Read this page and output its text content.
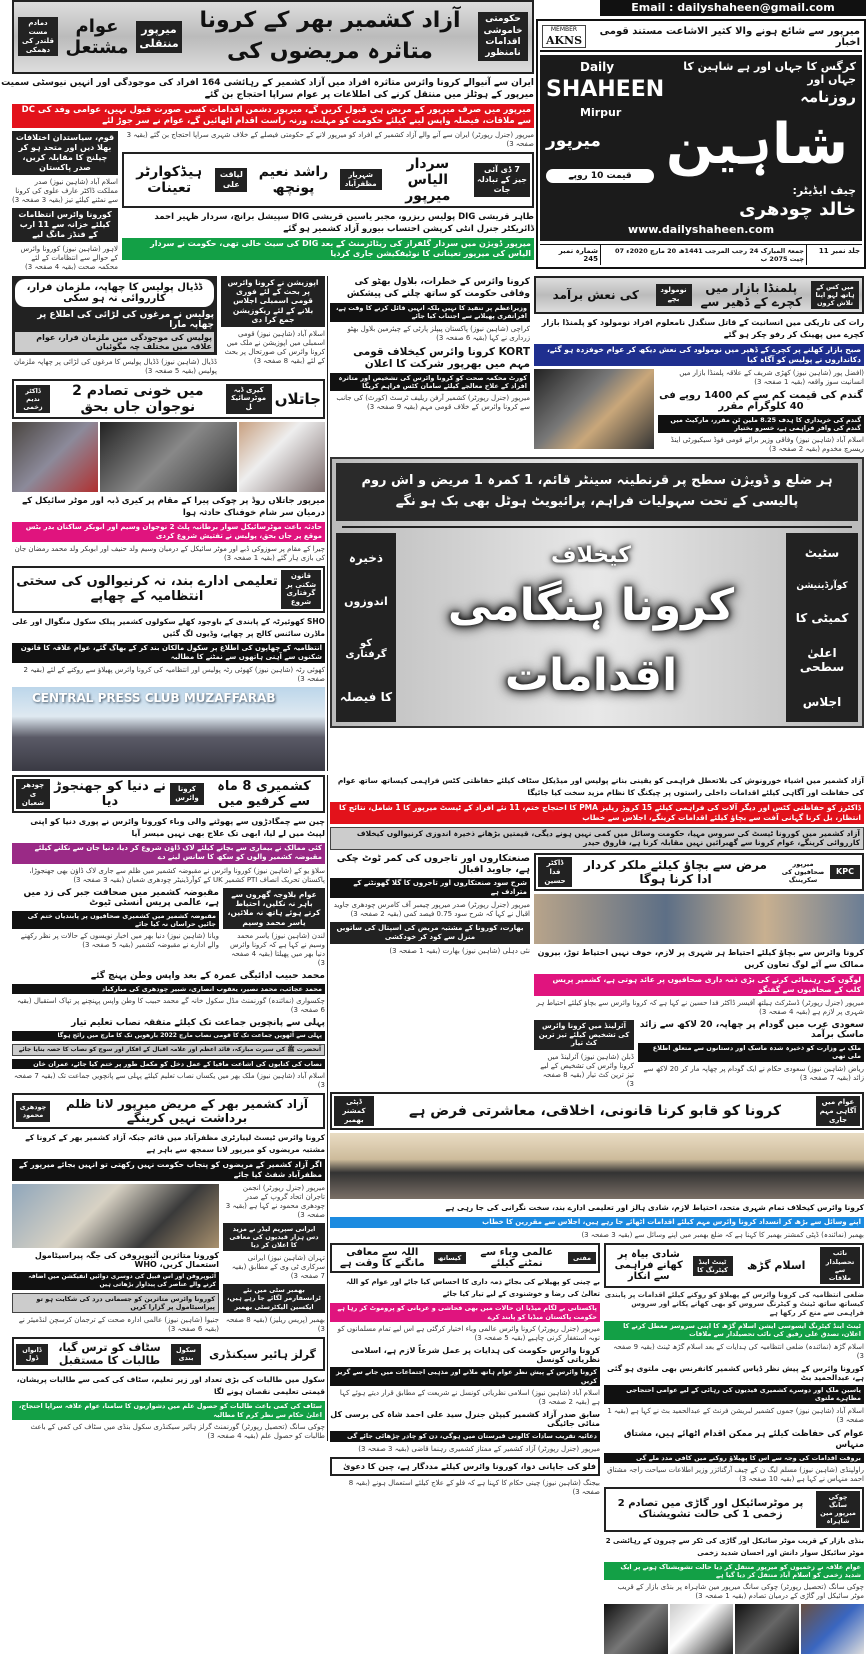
دمادم مست قلندر کی دھمکی
عوام مشتعل
میرپور منتقلی
آزاد کشمیر بھر کے کرونا متاثرہ مریضوں کی
حکومتی خاموشی اقدامات نامنظور
ایران سے آنیوالے کرونا وائرس متاثرہ افراد میں آزاد کشمیر کے رہائشی 164 افراد کی موجودگی اور انہیں نیوسٹی سمیت میرپور کے ہوٹلز میں منتقل کرنے کی اطلاعات پر عوام سراپا احتجاج بن گئے
میرپور میں صرف میرپور کے مریض ہی قبول کریں گے، میرپور دشمن اقدامات کسی صورت قبول نہیں، عوامی وفد کی DC سے ملاقات، فیصلہ واپس لینے کیلئے حکومت کو مہلت، ورنہ راست اقدام اٹھائیں گے، عوام نے سر جوڑ لئے
قوم، سیاستدان اختلافات بھلا دیں اور متحد ہو کر چیلنج کا مقابلہ کریں، صدر پاکستان
اسلام آباد (شاہین نیوز) صدر مملکت ڈاکٹر عارف علوی کی کرونا سے نمٹنے کیلئے تیز (بقیہ 3 صفحہ 3)
کورونا وائرس انتظامات کیلئے خزانہ سے 11 ارب کے فنڈز مانگ لیے
لاہور (شاہین نیوز) کورونا وائرس کے حوالے سے انتظامات کے لئے محکمہ صحت (بقیہ 4 صفحہ 3)
میرپور (جنرل رپورٹر) ایران سے آنے والے آزاد کشمیر کے افراد کو میرپور لانے کے حکومتی فیصلے کے خلاف شہری سراپا احتجاج بن گئے (بقیہ 3 صفحہ 3)
7 ڈی آئی جیز کے تبادلہ جات
سردار الیاس میرپور
شہریار مظفرآباد
راشد نعیم پونچھ
لیاقت علی
ہیڈکوارٹر تعینات
طاہر قریشی DIG پولیس ریزرو، مجبر یاسین قریشی DIG سپیشل برانچ، سردار ظہیر احمد ڈائریکٹر جنرل انٹی کرپشن احتساب بیورو آزاد کشمیر ہو گئے
میرپور ڈویژن میں سردار گلفراز کی ریٹائرمنٹ کے بعد DIG کی سیٹ خالی تھی، حکومت نے سردار الیاس کی میرپور تعیناتی کا نوٹیفکیشن جاری کردیا
Email : dailyshaheen@gmail.com
MEMBER
AKNS
میرپور سے شائع ہونے والا کثیر الاشاعت مستند قومی اخبار
Daily
SHAHEEN
Mirpur
میرپور
قیمت 10 روپے
کرگس کا جہاں اور ہے شاہین کا جہاں اور
روزنامہ
شاہین
چیف ایڈیٹر:
خالد چودھری
www.dailyshaheen.com
جلد نمبر 11
جمعۃ المبارک 24 رجب المرجب 1441ھ 20 مارچ 2020ء 07 چیت 2075 ب
شمارہ نمبر 245
ڈڈیال پولیس کا چھاپہ، ملزمان فرار، کارروائی نہ ہو سکی
پولیس نے مرغوں کی لڑائی کی اطلاع پر چھاپہ مارا
پولیس کی موجودگی میں ملزمان فرار، عوام علاقہ میں مختلف چہ مگوئیاں
ڈڈیال (شاہین نیوز) ڈڈیال پولیس کا مرغوں کی لڑائی پر چھاپہ ملزمان پولیس (بقیہ 5 صفحہ 3)
اپوزیشن نے کرونا وائرس پر بحث کے لئے فوری قومی اسمبلی اجلاس بلانے کے لئے ریکوزیشن جمع کرا دی
اسلام آباد (شاہین نیوز) قومی اسمبلی میں اپوزیشن نے ملک میں کرونا وائرس کی صورتحال پر بحث کے لئے (بقیہ 8 صفحہ 3)
جاتلاں
کیری ڈبہ موٹرسائیکل
میں خونی تصادم 2 نوجوان جاں بحق
ڈاکٹر ندیم زخمی
میرپور جاتلاں روڈ پر چوکی پیرا کے مقام پر کیری ڈبہ اور موٹر سائیکل کے درمیان سر شام خوفناک حادثہ ہوا
حادثہ باعث موٹرسائیکل سوار برطانیہ پلٹ 2 نوجوان وسیم اور ابوبکر ساکنان بدر بٹس موقع پر جاں بحق، پولیس نے تفتیش شروع کردی
چیرا کے مقام پر سوزوکی ڈبے اور موٹر سائیکل کے درمیان وسیم ولد حنیف اور ابوبکر ولد محمد رمضان جان کی بازی ہار گئے (بقیہ 1 صفحہ 3)
قانون شکنی پر گرفتاری شروع
تعلیمی ادارے بند، نہ کرنیوالوں کی سختی انتظامیہ کے چھاپے
SHO کھوئیرٹہ کے پابندی کے باوجود کھلے سکولوں کشمیر پبلک سکول منگوال اور علی ماڈرن سائنس کالج پر چھاپے، وڈیوں لگ گئیں
انتظامیہ کے چھاپوں کی اطلاع پر سکول مالکان بند کر کے بھاگ گئے، عوام علاقہ کا قانون شکنوں سے آہنی ہاتھوں سے نمٹنے کا مطالبہ
کھوئی رٹہ (شاہین نیوز) کھوئی رٹہ پولیس اور انتظامیہ کی کرونا وائرس پھیلاؤ سے روکنے کے لئے (بقیہ 2 صفحہ 3)
CENTRAL PRESS CLUB MUZAFFARAB
کرونا وائرس کے خطرات، بلاول بھٹو کی وفاقی حکومت کو ساتھ چلنے کی پیشکش
وزیراعظم پر تنقید کا نہیں بلکہ انہیں قائل کرنے کا وقت ہے، افراتفری پھیلانے سے اجتناب کیا جائے
کراچی (شاہین نیوز) پاکستان پیپلز پارٹی کے چیئرمین بلاول بھٹو زرداری نے کہا (بقیہ 6 صفحہ 3)
KORT کرونا وائرس کیخلاف قومی مہم میں بھرپور شرکت کا اعلان
کورٹ محکمہ صحت کو کرونا وائرس کی تشخیص اور متاثرہ افراد کے علاج معالجے کیلئے سامان کٹس فراہم کریگا
میرپور (جنرل رپورٹر) کشمیر آرفن ریلیف ٹرسٹ (کورٹ) کی جانب سے کرونا وائرس کے خلاف قومی مہم (بقیہ 9 صفحہ 3)
میں کس کے ہاتھ لہو اپنا تلاش کروں
پلمنڈا بازار میں کچرے کے ڈھیر سے
نومولود بچے
کی نعش برآمد
رات کی تاریکی میں انسانیت کے قاتل سنگدل نامعلوم افراد نومولود کو پلمنڈا بازار کچرے میں پھینک کر رفو چکر ہو گئے
صبح بازار کھلنے پر کچرے کے ڈھیر میں نومولود کی نعش دیکھ کر عوام خوفزدہ ہو گئے، دکانداروں نے پولیس کو آگاہ کیا
(افضل پور (شاہین نیوز) کھڑی شریف کے علاقہ پلمنڈا بازار میں انسانیت سوز واقعہ (بقیہ 1 صفحہ 3)
گندم کی قیمت کم سے کم 1400 روپے فی 40 کلوگرام مقرر
گندم کی خریداری کا ہدف 8.25 ملین ٹن مقرر، مارکیٹ میں گندم کی وافر فراہمی ہے، خسرو بختیار
اسلام آباد (شاہین نیوز) وفاقی وزیر برائے قومی فوڈ سیکیورٹی اینڈ ریسرچ مخدوم (بقیہ 2 صفحہ 3)
ہر ضلع و ڈویژن سطح پر قرنطینہ سینٹر قائم، 1 کمرہ 1 مریض و اش روم پالیسی کے تحت سہولیات فراہم، پرائیویٹ ہوٹل بھی بک ہو نگے
ذخیرہ
اندوزوں
کو گرفتاری
کا فیصلہ
کیخلاف
کرونا ہنگامی اقدامات
سٹیٹ
کوآرڈینیشن
کمیٹی کا
اعلیٰ سطحی
اجلاس
کشمیری 8 ماہ سے کرفیو میں
کرونا وائرس
نے دنیا کو جھنجوڑ دیا
چودھری شعبان
چین سے چمگادڑوں سے پھوٹنے والی وباء کورونا وائرس نے پوری دنیا کو اپنی لپیٹ میں لے لیا، ابھی تک علاج بھی نہیں میسر آیا
کئی ممالک نے بیماری سے بچانے کیلئے لاک ڈاؤن شروع کر دیا، دنیا جان سے نکلنے کیلئے مقبوضہ کشمیر والوں کو سکھ کا سانس لینے دے
سلاؤ یو کے (شاہین نیوز) کورونا وائرس نے مقبوضہ کشمیر میں ظلم سے جاری لاک ڈاؤن بھی جھنجوڑا، پاکستان تحریک انصاف PTI کشمیر UK کے کوآرڈینیٹر چودھری شعبان (بقیہ 3 صفحہ 3)
مقبوضہ کشمیر میں صحافت جبر کی زد میں ہے، عالمی پریس انسٹی ٹیوٹ
مقبوضہ کشمیر میں کشمیری صحافیوں پر پابندیاں ختم کی جائیں حراساں نہ کیا جائے
ویانا (شاہین نیوز) دنیا بھر میں اخبار نویسوں کے حالات پر نظر رکھنے والے ادارے نے مقبوضہ کشمیر (بقیہ 5 صفحہ 3)
عوام بلاوجہ گھروں سے باہر نہ نکلیں، احتیاط کرتے ہوئے ہاتھ نہ ملائیں، یاسر محمد وسیم
لندن (شاہین نیوز) یاسر محمد وسیم نے کہا ہے کہ کرونا وائرس دنیا بھر میں پھیلتا (بقیہ 4 صفحہ 3)
محمد حبیب ادائیگی عمرہ کے بعد واپس وطن پہنچ گئے
محمد عجائب، محمد نصیر، یعقوب انصاری، شبیر چودھری کی مبارکباد
چکسواری (نمائندہ) گورنمنٹ مڈل سکول خانہ گے محمد حبیب کا وطن واپس پہنچنے پر تپاک استقبال (بقیہ 6 صفحہ 3)
پہلی سے پانچویں جماعت تک کیلئے متفقہ نصاب تعلیم تیار
پہلی سے آٹھویں جماعت تک کا قومی نصاب مارچ 2022 بارھویں تک کا مارچ میں رائج ہوگا
آنحضرت ﷺ کی سیرت مبارکہ، قائد اعظم اور علامہ اقبال کے افکار اور سوچ کو نصاب کا حصہ بنایا جائے
نصاب کی کتابوں کی اشاعت مافیا کے عمل دخل کو مکمل طور پر ختم کیا جائے، عمران خان
اسلام آباد (شاہین نیوز) ملک بھر میں یکساں نصاب تعلیم کیلئے پہلی سے پانچویں جماعت تک (بقیہ 7 صفحہ 3)
آزاد کشمیر بھر کے مریض میرپور لانا ظلم برداشت نہیں کرینگے
چودھری محمود
کرونا وائرس ٹیسٹ لیبارٹری مظفرآباد میں قائم جبکہ آزاد کشمیر بھر کے کرونا کے مشتبہ مریضوں کو میرپور لانا سمجھ سے باہر ہے
اگر آزاد کشمیر کے مریضوں کو پنجاب حکومت نہیں رکھتی تو انہیں بجائے میرپور کے مظفرآباد شفٹ کیا جائے
کورونا متاثرین آئبوپروفن کی جگہ پیراسیٹامول استعمال کریں، WHO
آئبوپروفن اور اس قبیل کی دوسری دوائیں انفیکشن میں اضافہ کرنے والے عناصر کی پیداوار بڑھاتی ہیں
کورونا وائرس متاثرین کو جسمانی درد کی شکایت ہو تو پیراسیٹامول پر گزارا کریں
جنیوا (شاہین نیوز) عالمی ادارہ صحت کے ترجمان کرسچن لنڈمیئر نے (بقیہ 6 صفحہ 3)
میرپور (جنرل رپورٹر) انجمن تاجران اتحاد گروپ کے صدر چودھری محمود نے کہا ہے (بقیہ 3 صفحہ 3)
ایرانی سپریم لیڈر نے مزید دس ہزار قیدیوں کی معافی کا اعلان کر دیا
تہران (شاہین نیوز) ایرانی سرکاری ٹی وی کے مطابق (بقیہ 7 صفحہ 3)
بھمبر سٹی میں نئے ٹرانسفارمر لگائے جا رہے ہیں، ایکسین الیکٹرسٹی بھمبر
بھمبر (پریس ریلیز) (بقیہ 8 صفحہ 3)
گرلز ہائیر سیکنڈری
سکول بندی
سٹاف کو ترس گیا، طالبات کا مستقبل
ڈانواں ڈول
سکول میں طالبات کی بڑی تعداد اور زیر تعلیم، سٹاف کی کمی سے طالبات پریشان، قیمتی تعلیمی نقصان ہونے لگا
سٹاف کی کمی باعث طالبات کو حصول علم میں دشواریوں کا سامنا، عوام علاقہ سراپا احتجاج، اعلیٰ حکام سے نظر کرم کا مطالبہ
چوکی سانگ (تحصیل رپورٹر) گورنمنٹ گرلز ہائیر سیکنڈری سکول بنڈی میں سٹاف کی کمی کے باعث طالبات کو حصول علم (بقیہ 4 صفحہ 3)
آزاد کشمیر میں اشیاء خورونوش کی بلاتعطل فراہمی کو یقینی بنانے پولیس اور میڈیکل سٹاف کیلئے حفاظتی کٹس فراہمی کیساتھ ساتھ عوام کی حفاظت اور آگاہی کیلئے اقدامات داخلی راستوں پر چیکنگ کا نظام مزید سخت کیا جائیگا
ڈاکٹرز کو حفاظتی کٹس اور دیگر آلات کی فراہمی کیلئے 15 کروڑ ریلیز PMA کا احتجاج ختم، 11 نئے افراد کے ٹیسٹ میرپور کا 1 شامل، نتائج کا انتظار، بل کرنا گہانی آفت سے بچاؤ کیلئے اقدامات کرینگے، اجلاس سے خطاب
آزاد کشمیر میں کورونا ٹیسٹ کی سروس مہیا، حکومت وسائل میں کمی نہیں ہونے دیگی، قیمتیں بڑھانے ذخیرہ اندوزی کرنیوالوں کیخلاف کارروائی کرینگے، عوام کرونا سے گھبرائیں نہیں مقابلہ کرنا ہے، فاروق حیدر
صنعتکاروں اور تاجروں کی کمر ٹوٹ چکی ہے، جاوید اقبال
شرح سود صنعتکاروں اور تاجروں کا گلا گھونٹنے کے مترادف ہے
میرپور (جنرل رپورٹر) صدر میرپور چیمبر آف کامرس چودھری جاوید اقبال نے کہا کہ شرح سود 0.75 فیصد کمی (بقیہ 2 صفحہ 3)
بھارت، کورونا کے مشتبہ مریض کی اسپتال کی ساتویں منزل سے کود کر خودکشی
نئی دہلی (شاہین نیوز) بھارت (بقیہ 1 صفحہ 3)
KPC
میرپور صحافیوں کی سکریننگ
مرض سے بچاؤ کیلئے ملکر کردار ادا کرنا ہوگا
ڈاکٹر فدا حسین
کرونا وائرس سے بچاؤ کیلئے احتیاط ہر شہری پر لازم، خوف نہیں احتیاط توڑ، بیرون ممالک سے آئے لوگ تعاون کریں
لوگوں کی رہنمائی کرنے کی بڑی ذمہ داری صحافیوں پر عائد ہوتی ہے، کشمیر پریس کلب کے صحافیوں سے گفتگو
میرپور (جنرل رپورٹر) ڈسٹرکٹ ہیلتھ آفیسر ڈاکٹر فدا حسین نے کہا ہے کہ کرونا وائرس سے بچاؤ کیلئے احتیاط ہر شہری پر لازم ہے (بقیہ 4 صفحہ 3)
آئرلینڈ میں کرونا وائرس کی تشخیص کیلئے تیز ترین کٹ تیار
ڈبلن (شاہین نیوز) آئرلینڈ میں کرونا وائرس کی تشخیص کے لیے تیز ترین کٹ تیار (بقیہ 8 صفحہ 3)
سعودی عرب میں گودام پر چھاپہ، 20 لاکھ سے زائد ماسک برآمد
ملک نے وزارت کو ذخیرہ شدہ ماسک اور دستانوں سے متعلق اطلاع ملی تھی
ریاض (شاہین نیوز) سعودی حکام نے ایک گودام پر چھاپہ مار کر 20 لاکھ سے زائد (بقیہ 7 صفحہ 3)
عوام میں آگاہی مہم جاری
کرونا کو قابو کرنا قانونی، اخلاقی، معاشرتی فرض ہے
ڈپٹی کمشنر بھمبر
کرونا وائرس کیخلاف تمام شہری متحد، احتیاط لازم، شادی ہالز اور تعلیمی ادارے بند، سخت نگرانی کی جا رہی ہے
اپنے وسائل سے بڑھ کر انسداد کرونا وائرس مہم کیلئے اقدامات اٹھائے جا رہے ہیں، اجلاس سے مقررین کا خطاب
بھمبر (نمائندہ) ڈپٹی کمشنر بھمبر کا کہنا ہے کہ ضلع بھمبر میں اپنے وسائل سے (بقیہ 3 صفحہ 3)
مفتی
عالمی وباء سے نمٹنے کیلئے
کیساتھ
اللہ سے معافی مانگنے کا وقت ہے
بے چینی کو پھیلانے کی بجائے ذمہ داری کا احساس کیا جائے اور عوام کو اللہ تعالیٰ کی رضا و خوشنودی کے لیے تیار کیا جائے
پاکستانی بے لگام میڈیا ان حالات میں بھی فحاشی و عریانی کو پروموٹ کر رہا ہے حکومت پاکستان میڈیا کو پابند کرے
میرپور (جنرل رپورٹر) کرونا وائرس عالمی وباء اختیار کرگئی ہے اس لیے تمام مسلمانوں کو توبہ استغفار کرنی چاہیے (بقیہ 5 صفحہ 3)
کرونا وائرس حکومت کی ہدایات پر عمل شرعاً لازم ہے، اسلامی نظریاتی کونسل
کرونا وائرس کے پیش نظر عوام ہاتھ ملانے اور مذہبی اجتماعات میں جانے سے گریز کریں
اسلام آباد (شاہین نیوز) اسلامی نظریاتی کونسل نے شریعت کے مطابق قرار دیتے ہوئے کہا ہے (بقیہ 2 صفحہ 3)
سابق صدر آزاد کشمیر کیپٹن جنرل سید علی احمد شاہ کی برسی کل منائی جائیگی
دعائیہ تقریب سادات کالونی قبرستان میں ہوگی، دن کو چادر چڑھائی جائے گی
میرپور (جنرل رپورٹر) آزاد کشمیر کے ممتاز کشمیری رہنما قاضی (بقیہ 3 صفحہ 3)
فلو کی جاپانی دوا، کورونا وائرس کیلئے مددگار ہے، چین کا دعویٰ
بیجنگ (شاہین نیوز) چینی حکام کا کہنا ہے کہ فلو کے علاج کیلئے استعمال ہونے (بقیہ 8 صفحہ 3)
نائب تحصیلدار سے ملاقات
اسلام گڑھ
ٹینٹ اینڈ کیٹرنگ کا
شادی بیاہ پر کھانے فراہمی سے انکار
ضلعی انتظامیہ کی کرونا وائرس کے پھیلاؤ کو روکنے کیلئے اقدامات پر پابندی کیساتھ ساتھ ٹینٹ و کیٹرنگ سروس کو بھی کھانے پکانے اور سروس فراہمی سے منع کر رکھا ہے
ٹینٹ اینڈ کیٹرنگ ایسوسی ایشن اسلام گڑھ کا اپنی سروسز معطل کرنے کا اعلان، تصدق علی رفیق کی نائب تحصیلدار سے ملاقات
اسلام گڑھ (نمائندہ) ضلعی انتظامیہ کی ہدایات کے بعد اسلام گڑھ ٹینٹ (بقیہ 9 صفحہ 3)
کورونا وائرس کے پیش نظر ڈیاس کشمیر کانفرنس بھی ملتوی ہو گئی ہے، عبدالحمید بٹ
یاسین ملک اور دوسرے کشمیری قیدیوں کی رہائی کے لیے عوامی احتجاجی مظاہرے ملتوی
اسلام آباد (شاہین نیوز) جموں کشمیر لبریشن فرنٹ کے عبدالحمید بٹ نے کہا ہے (بقیہ 1 صفحہ 3)
عوام کی حفاظت کیلئے ہر ممکن اقدام اٹھائے ہیں، مشتاق منہاس
بروقت اقدامات کی وجہ سے اس کا پھیلاؤ روکنے میں کافی مدد ملے گی
راولپنڈی (شاہین نیوز) مسلم لیگ ن کے چیف آرگنائزر وزیر اطلاعات سیاحت راجہ مشتاق احمد منہاس نے کہا ہے (بقیہ 10 صفحہ 3)
چوکی سانگ میرپور مین شاہراہ
پر موٹرسائیکل اور گاڑی میں تصادم 2 زخمی 1 کی حالت تشویشناک
بنڈی بازار کے قریب موٹر سائیکل اور گاڑی کی ٹکر سے چیرون کے رہائشی 2 موٹر سائیکل سوار دانش اور احسان شدید زخمی
عوام علاقہ نے زخمیوں کو میرپور منتقل کر دیا حالت تشویشناک ہونے پر ایک شدید زخمی کو اسلام آباد منتقل کر دیا گیا ہے
چوکی سانگ (تحصیل رپورٹر) چوکی سانگ میرپور مین شاہراہ پر بنڈی بازار کے قریب موٹر سائیکل اور گاڑی کے درمیان تصادم (بقیہ 1 صفحہ 3)
